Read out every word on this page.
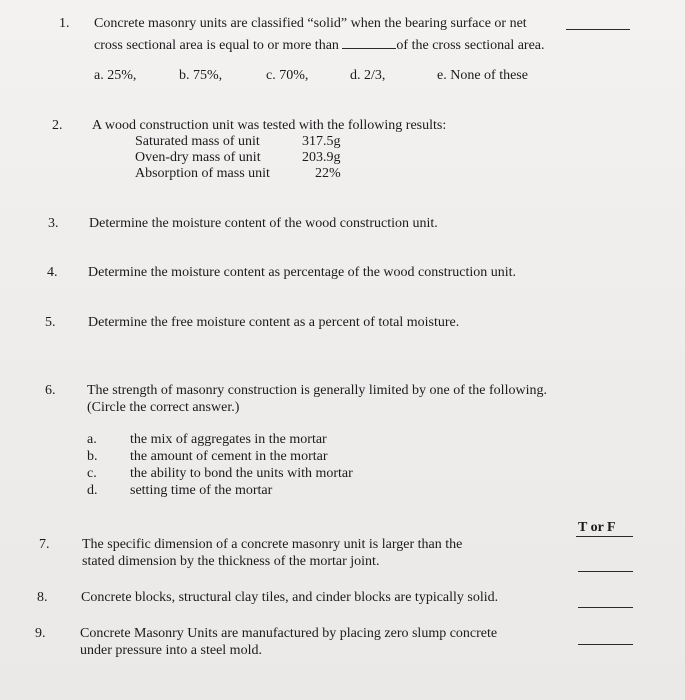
1. Concrete masonry units are classified “solid” when the bearing surface or net
cross sectional area is equal to or more than	of the cross sectional area.
a. 25%,	b. 75%,	c. 70%,	d. 2/3,	e. None of these
2. A wood construction unit was tested with the following results:
Saturated mass of unit	317.5g
Oven-dry mass of unit	203.9g
Absorption of mass unit	22%
3. Determine the moisture content of the wood construction unit.
4. Determine the moisture content as percentage of the wood construction unit.
5. Determine the free moisture content as a percent of total moisture.
6. The strength of masonry construction is generally limited by one of the following.
(Circle the correct answer.)
a. the mix of aggregates in the mortar
b. the amount of cement in the mortar
c. the ability to bond the units with mortar
d. setting time of the mortar
T or F
7. The specific dimension of a concrete masonry unit is larger than the
stated dimension by the thickness of the mortar joint.
8. Concrete blocks, structural clay tiles, and cinder blocks are typically solid.
9. Concrete Masonry Units are manufactured by placing zero slump concrete
under pressure into a steel mold.
